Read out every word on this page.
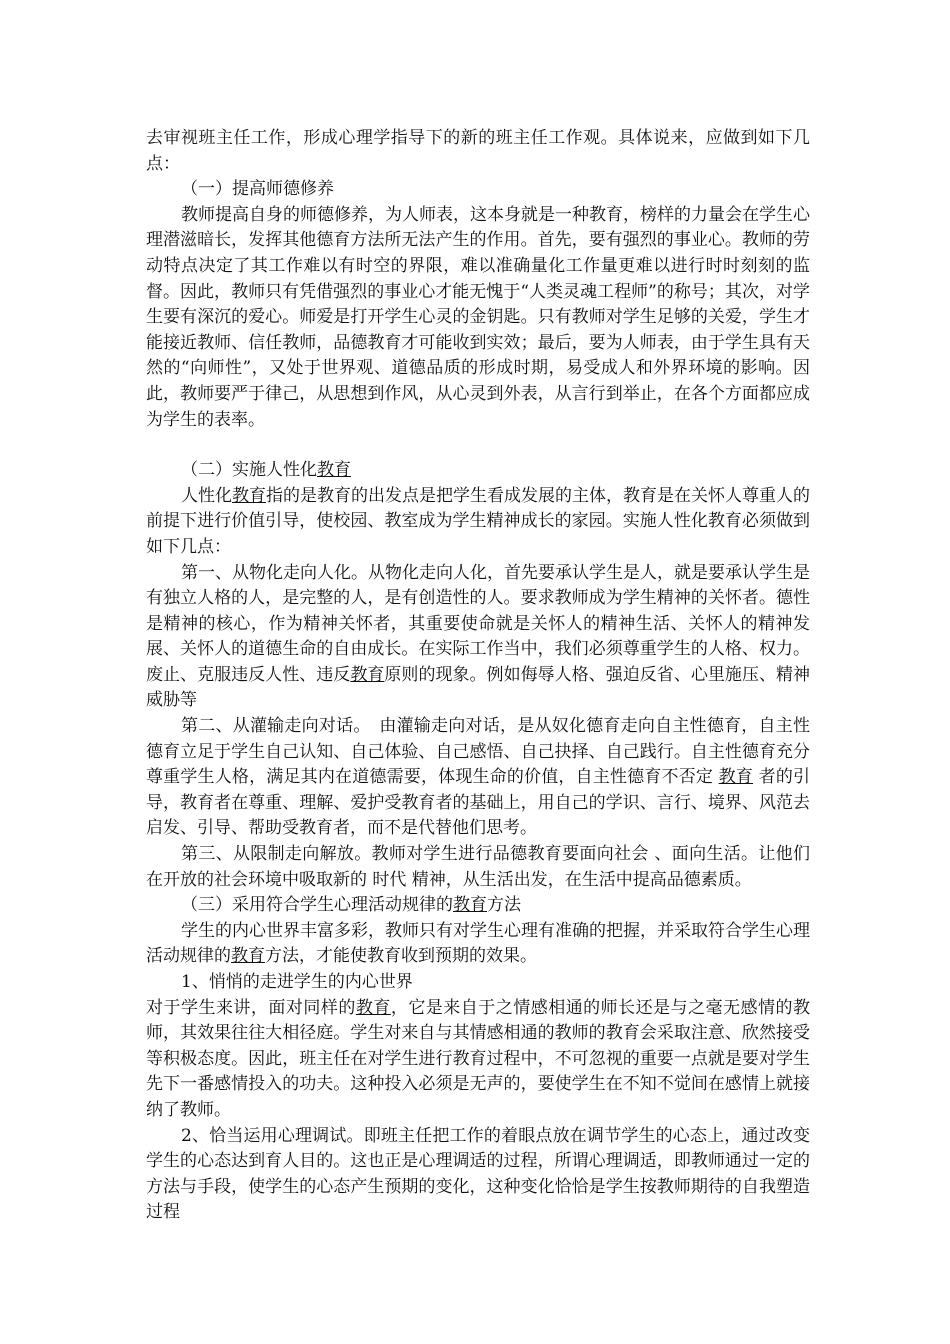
去审视班主任工作，形成心理学指导下的新的班主任工作观。具体说来，应做到如下几点：

（一）提高师德修养

教师提高自身的师德修养，为人师表，这本身就是一种教育，榜样的力量会在学生心理潜滋暗长，发挥其他德育方法所无法产生的作用。首先，要有强烈的事业心。教师的劳动特点决定了其工作难以有时空的界限，难以准确量化工作量更难以进行时时刻刻的监督。因此，教师只有凭借强烈的事业心才能无愧于“人类灵魂工程师”的称号；其次，对学生要有深沉的爱心。师爱是打开学生心灵的金钥匙。只有教师对学生足够的关爱，学生才能接近教师、信任教师，品德教育才可能收到实效；最后，要为人师表，由于学生具有天然的“向师性”，又处于世界观、道德品质的形成时期，易受成人和外界环境的影响。因此，教师要严于律己，从思想到作风，从心灵到外表，从言行到举止，在各个方面都应成为学生的表率。

（二）实施人性化教育

人性化教育指的是教育的出发点是把学生看成发展的主体，教育是在关怀人尊重人的前提下进行价值引导，使校园、教室成为学生精神成长的家园。实施人性化教育必须做到如下几点：

第一、从物化走向人化。从物化走向人化，首先要承认学生是人，就是要承认学生是有独立人格的人，是完整的人，是有创造性的人。要求教师成为学生精神的关怀者。德性是精神的核心，作为精神关怀者，其重要使命就是关怀人的精神生活、关怀人的精神发展、关怀人的道德生命的自由成长。在实际工作当中，我们必须尊重学生的人格、权力。废止、克服违反人性、违反教育原则的现象。例如侮辱人格、强迫反省、心里施压、精神威胁等

第二、从灌输走向对话。　由灌输走向对话，是从奴化德育走向自主性德育，自主性德育立足于学生自己认知、自己体验、自己感悟、自己抉择、自己践行。自主性德育充分尊重学生人格，满足其内在道德需要，体现生命的价值，自主性德育不否定 教育 者的引导，教育者在尊重、理解、爱护受教育者的基础上，用自己的学识、言行、境界、风范去启发、引导、帮助受教育者，而不是代替他们思考。

第三、从限制走向解放。教师对学生进行品德教育要面向社会 、面向生活。让他们在开放的社会环境中吸取新的 时代 精神，从生活出发，在生活中提高品德素质。

（三）采用符合学生心理活动规律的教育方法

学生的内心世界丰富多彩，教师只有对学生心理有准确的把握，并采取符合学生心理活动规律的教育方法，才能使教育收到预期的效果。

1、悄悄的走进学生的内心世界

对于学生来讲，面对同样的教育，它是来自于之情感相通的师长还是与之毫无感情的教师，其效果往往大相径庭。学生对来自与其情感相通的教师的教育会采取注意、欣然接受等积极态度。因此，班主任在对学生进行教育过程中，不可忽视的重要一点就是要对学生先下一番感情投入的功夫。这种投入必须是无声的，要使学生在不知不觉间在感情上就接纳了教师。

2、恰当运用心理调试。即班主任把工作的着眼点放在调节学生的心态上，通过改变学生的心态达到育人目的。这也正是心理调适的过程，所谓心理调适，即教师通过一定的方法与手段，使学生的心态产生预期的变化，这种变化恰恰是学生按教师期待的自我塑造过程
